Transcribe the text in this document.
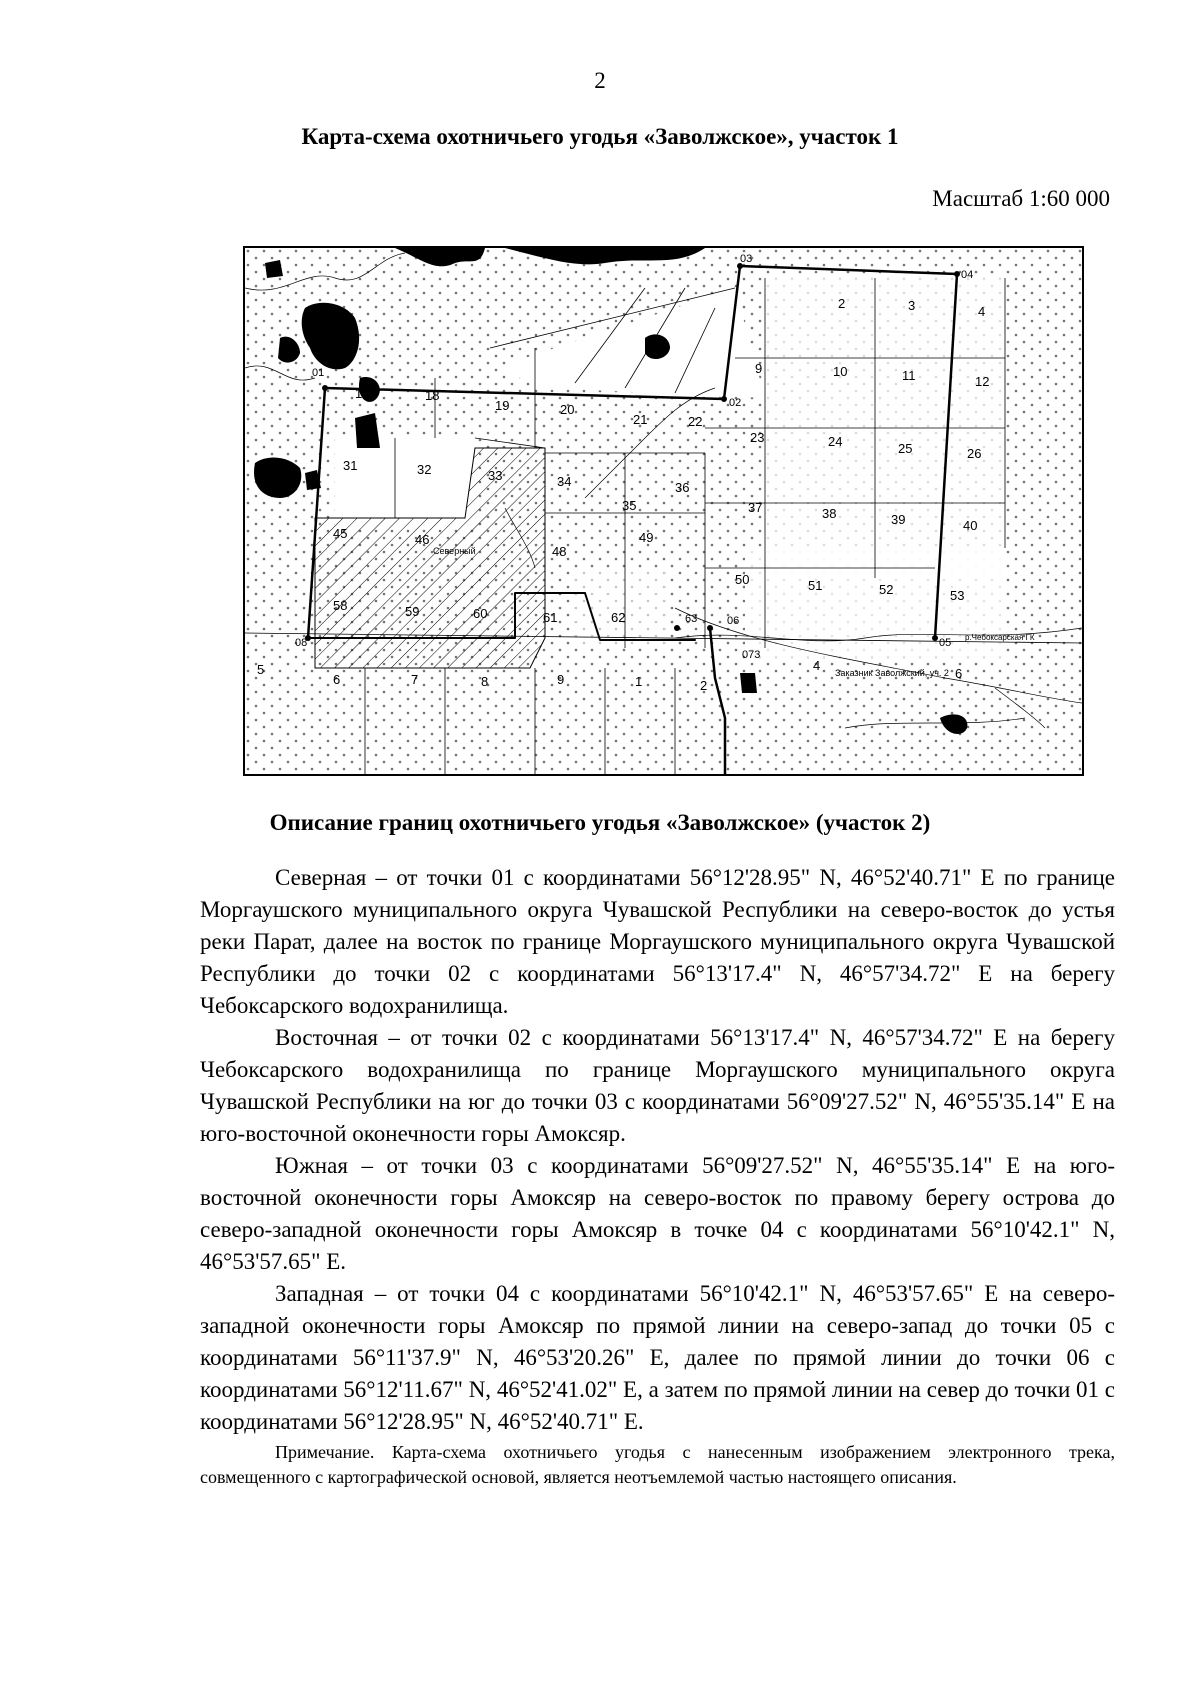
2
Карта-схема охотничьего угодья «Заволжское», участок 1
Масштаб 1:60 000
01
02
03
04
05
06
08
073
63
2	3	4
9	10	11	12
17	18
19	20
21	22
23	24	25	26
31	32	33	34
35
36
37	38	39	40
45	46
48
49
50	51	52	53
58	59	60	61	62
5
6	7	8	9	1	2
4
6
Северный
Заказник Заволжский, уч. 2
р.Чебоксарская ГК
Описание границ охотничьего угодья «Заволжское» (участок 2)

Северная – от точки 01 с координатами 56°12'28.95" N, 46°52'40.71" E по границе Моргаушского муниципального округа Чувашской Республики на северо-восток до устья реки Парат, далее на восток по границе Моргаушского муниципального округа Чувашской Республики до точки 02 с координатами 56°13'17.4" N, 46°57'34.72" E на берегу Чебоксарского водохранилища.

Восточная – от точки 02 с координатами 56°13'17.4" N, 46°57'34.72" E на берегу Чебоксарского водохранилища по границе Моргаушского муниципального округа Чувашской Республики на юг до точки 03 с координатами 56°09'27.52" N, 46°55'35.14" E на юго-восточной оконечности горы Амоксяр.

Южная – от точки 03 с координатами 56°09'27.52" N, 46°55'35.14" E на юго-восточной оконечности горы Амоксяр на северо-восток по правому берегу острова до северо-западной оконечности горы Амоксяр в точке 04 с координатами 56°10'42.1" N, 46°53'57.65" E.

Западная – от точки 04 с координатами 56°10'42.1" N, 46°53'57.65" E на северо-западной оконечности горы Амоксяр по прямой линии на северо-запад до точки 05 с координатами 56°11'37.9" N, 46°53'20.26" E, далее по прямой линии до точки 06 с координатами 56°12'11.67" N, 46°52'41.02" E, а затем по прямой линии на север до точки 01 с координатами 56°12'28.95" N, 46°52'40.71" E.

Примечание. Карта-схема охотничьего угодья с нанесенным изображением электронного трека, совмещенного с картографической основой, является неотъемлемой частью настоящего описания.
